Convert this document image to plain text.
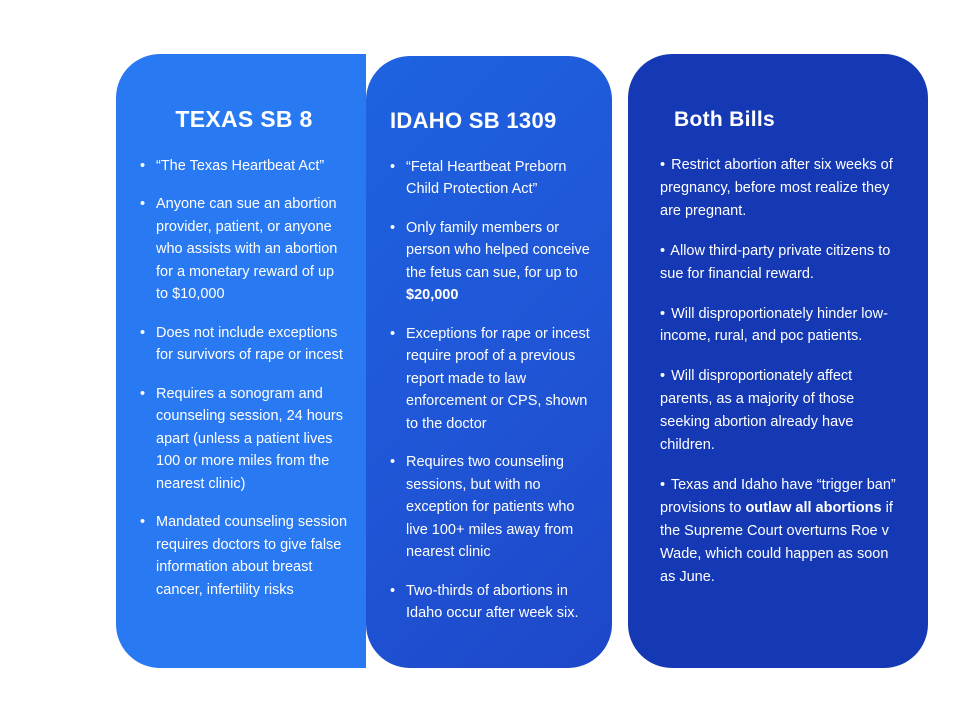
TEXAS SB 8
• “The Texas Heartbeat Act”
• Anyone can sue an abortion provider, patient, or anyone who assists with an abortion for a monetary reward of up to $10,000
• Does not include exceptions for survivors of rape or incest
• Requires a sonogram and counseling session, 24 hours apart (unless a patient lives 100 or more miles from the nearest clinic)
• Mandated counseling session requires doctors to give false information about breast cancer, infertility risks
IDAHO SB 1309
• “Fetal Heartbeat Preborn Child Protection Act”
• Only family members or person who helped conceive the fetus can sue, for up to $20,000
• Exceptions for rape or incest require proof of a previous report made to law enforcement or CPS, shown to the doctor
• Requires two counseling sessions, but with no exception for patients who live 100+ miles away from nearest clinic
• Two-thirds of abortions in Idaho occur after week six.
Both Bills
• Restrict abortion after six weeks of pregnancy, before most realize they are pregnant.
• Allow third-party private citizens to sue for financial reward.
• Will disproportionately hinder low-income, rural, and poc patients.
• Will disproportionately affect parents, as a majority of those seeking abortion already have children.
• Texas and Idaho have “trigger ban” provisions to outlaw all abortions if the Supreme Court overturns Roe v Wade, which could happen as soon as June.
